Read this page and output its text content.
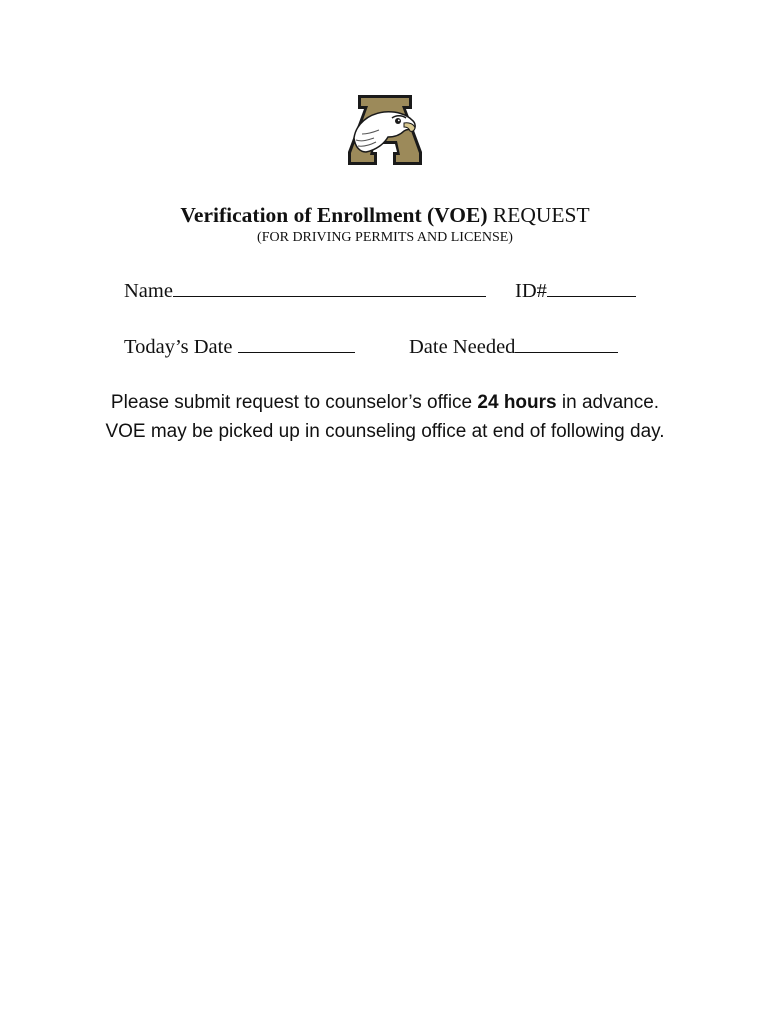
Verification of Enrollment (VOE) REQUEST
(FOR DRIVING PERMITS AND LICENSE)
Name	ID#
Today’s Date	Date Needed
Please submit request to counselor’s office 24 hours in advance. VOE may be picked up in counseling office at end of following day.
